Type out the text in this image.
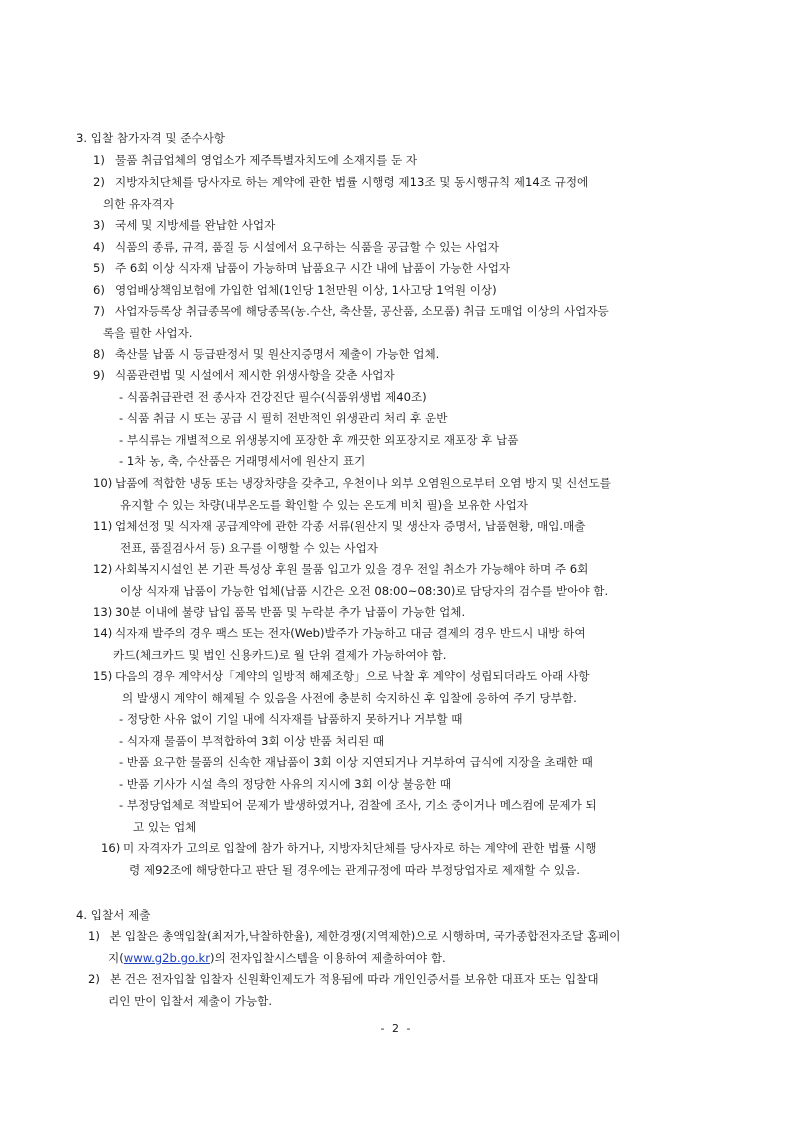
3. 입찰 참가자격 및 준수사항
1) 물품 취급업체의 영업소가 제주특별자치도에 소재지를 둔 자
2) 지방자치단체를 당사자로 하는 계약에 관한 법률 시행령 제13조 및 동시행규칙 제14조 규정에
의한 유자격자
3) 국세 및 지방세를 완납한 사업자
4) 식품의 종류, 규격, 품질 등 시설에서 요구하는 식품을 공급할 수 있는 사업자
5) 주 6회 이상 식자재 납품이 가능하며 납품요구 시간 내에 납품이 가능한 사업자
6) 영업배상책임보험에 가입한 업체(1인당 1천만원 이상, 1사고당 1억원 이상)
7) 사업자등록상 취급종목에 해당종목(농.수산, 축산물, 공산품, 소모품) 취급 도매업 이상의 사업자등
록을 필한 사업자.
8) 축산물 납품 시 등급판정서 및 원산지증명서 제출이 가능한 업체.
9) 식품관련법 및 시설에서 제시한 위생사항을 갖춘 사업자
- 식품취급관련 전 종사자 건강진단 필수(식품위생법 제40조)
- 식품 취급 시 또는 공급 시 필히 전반적인 위생관리 처리 후 운반
- 부식류는 개별적으로 위생봉지에 포장한 후 깨끗한 외포장지로 재포장 후 납품
- 1차 농, 축, 수산품은 거래명세서에 원산지 표기
10) 납품에 적합한 냉동 또는 냉장차량을 갖추고, 우천이나 외부 오염원으로부터 오염 방지 및 신선도를
유지할 수 있는 차량(내부온도를 확인할 수 있는 온도계 비치 필)을 보유한 사업자
11) 업체선정 및 식자재 공급계약에 관한 각종 서류(원산지 및 생산자 증명서, 납품현황, 매입.매출
전표, 품질검사서 등) 요구를 이행할 수 있는 사업자
12) 사회복지시설인 본 기관 특성상 후원 물품 입고가 있을 경우 전일 취소가 가능해야 하며 주 6회
이상 식자재 납품이 가능한 업체(납품 시간은 오전 08:00~08:30)로 담당자의 검수를 받아야 함.
13) 30분 이내에 불량 납입 품목 반품 및 누락분 추가 납품이 가능한 업체.
14) 식자재 발주의 경우 팩스 또는 전자(Web)발주가 가능하고 대금 결제의 경우 반드시 내방 하여
카드(체크카드 및 법인 신용카드)로 월 단위 결제가 가능하여야 함.
15) 다음의 경우 계약서상「계약의 일방적 해제조항」으로 낙찰 후 계약이 성립되더라도 아래 사항
의 발생시 계약이 해제될 수 있음을 사전에 충분히 숙지하신 후 입찰에 응하여 주기 당부함.
- 정당한 사유 없이 기일 내에 식자재를 납품하지 못하거나 거부할 때
- 식자재 물품이 부적합하여 3회 이상 반품 처리된 때
- 반품 요구한 물품의 신속한 재납품이 3회 이상 지연되거나 거부하여 급식에 지장을 초래한 때
- 반품 기사가 시설 측의 정당한 사유의 지시에 3회 이상 불응한 때
- 부정당업체로 적발되어 문제가 발생하였거나, 검찰에 조사, 기소 중이거나 메스컴에 문제가 되
고 있는 업체
16) 미 자격자가 고의로 입찰에 참가 하거나, 지방자치단체를 당사자로 하는 계약에 관한 법률 시행
령 제92조에 해당한다고 판단 될 경우에는 관계규정에 따라 부정당업자로 제재할 수 있음.
4. 입찰서 제출
1) 본 입찰은 총액입찰(최저가,낙찰하한율), 제한경쟁(지역제한)으로 시행하며, 국가종합전자조달 홈페이
지(www.g2b.go.kr)의 전자입찰시스템을 이용하여 제출하여야 함.
2) 본 건은 전자입찰 입찰자 신원확인제도가 적용됨에 따라 개인인증서를 보유한 대표자 또는 입찰대
리인 만이 입찰서 제출이 가능함.
- 2 -
